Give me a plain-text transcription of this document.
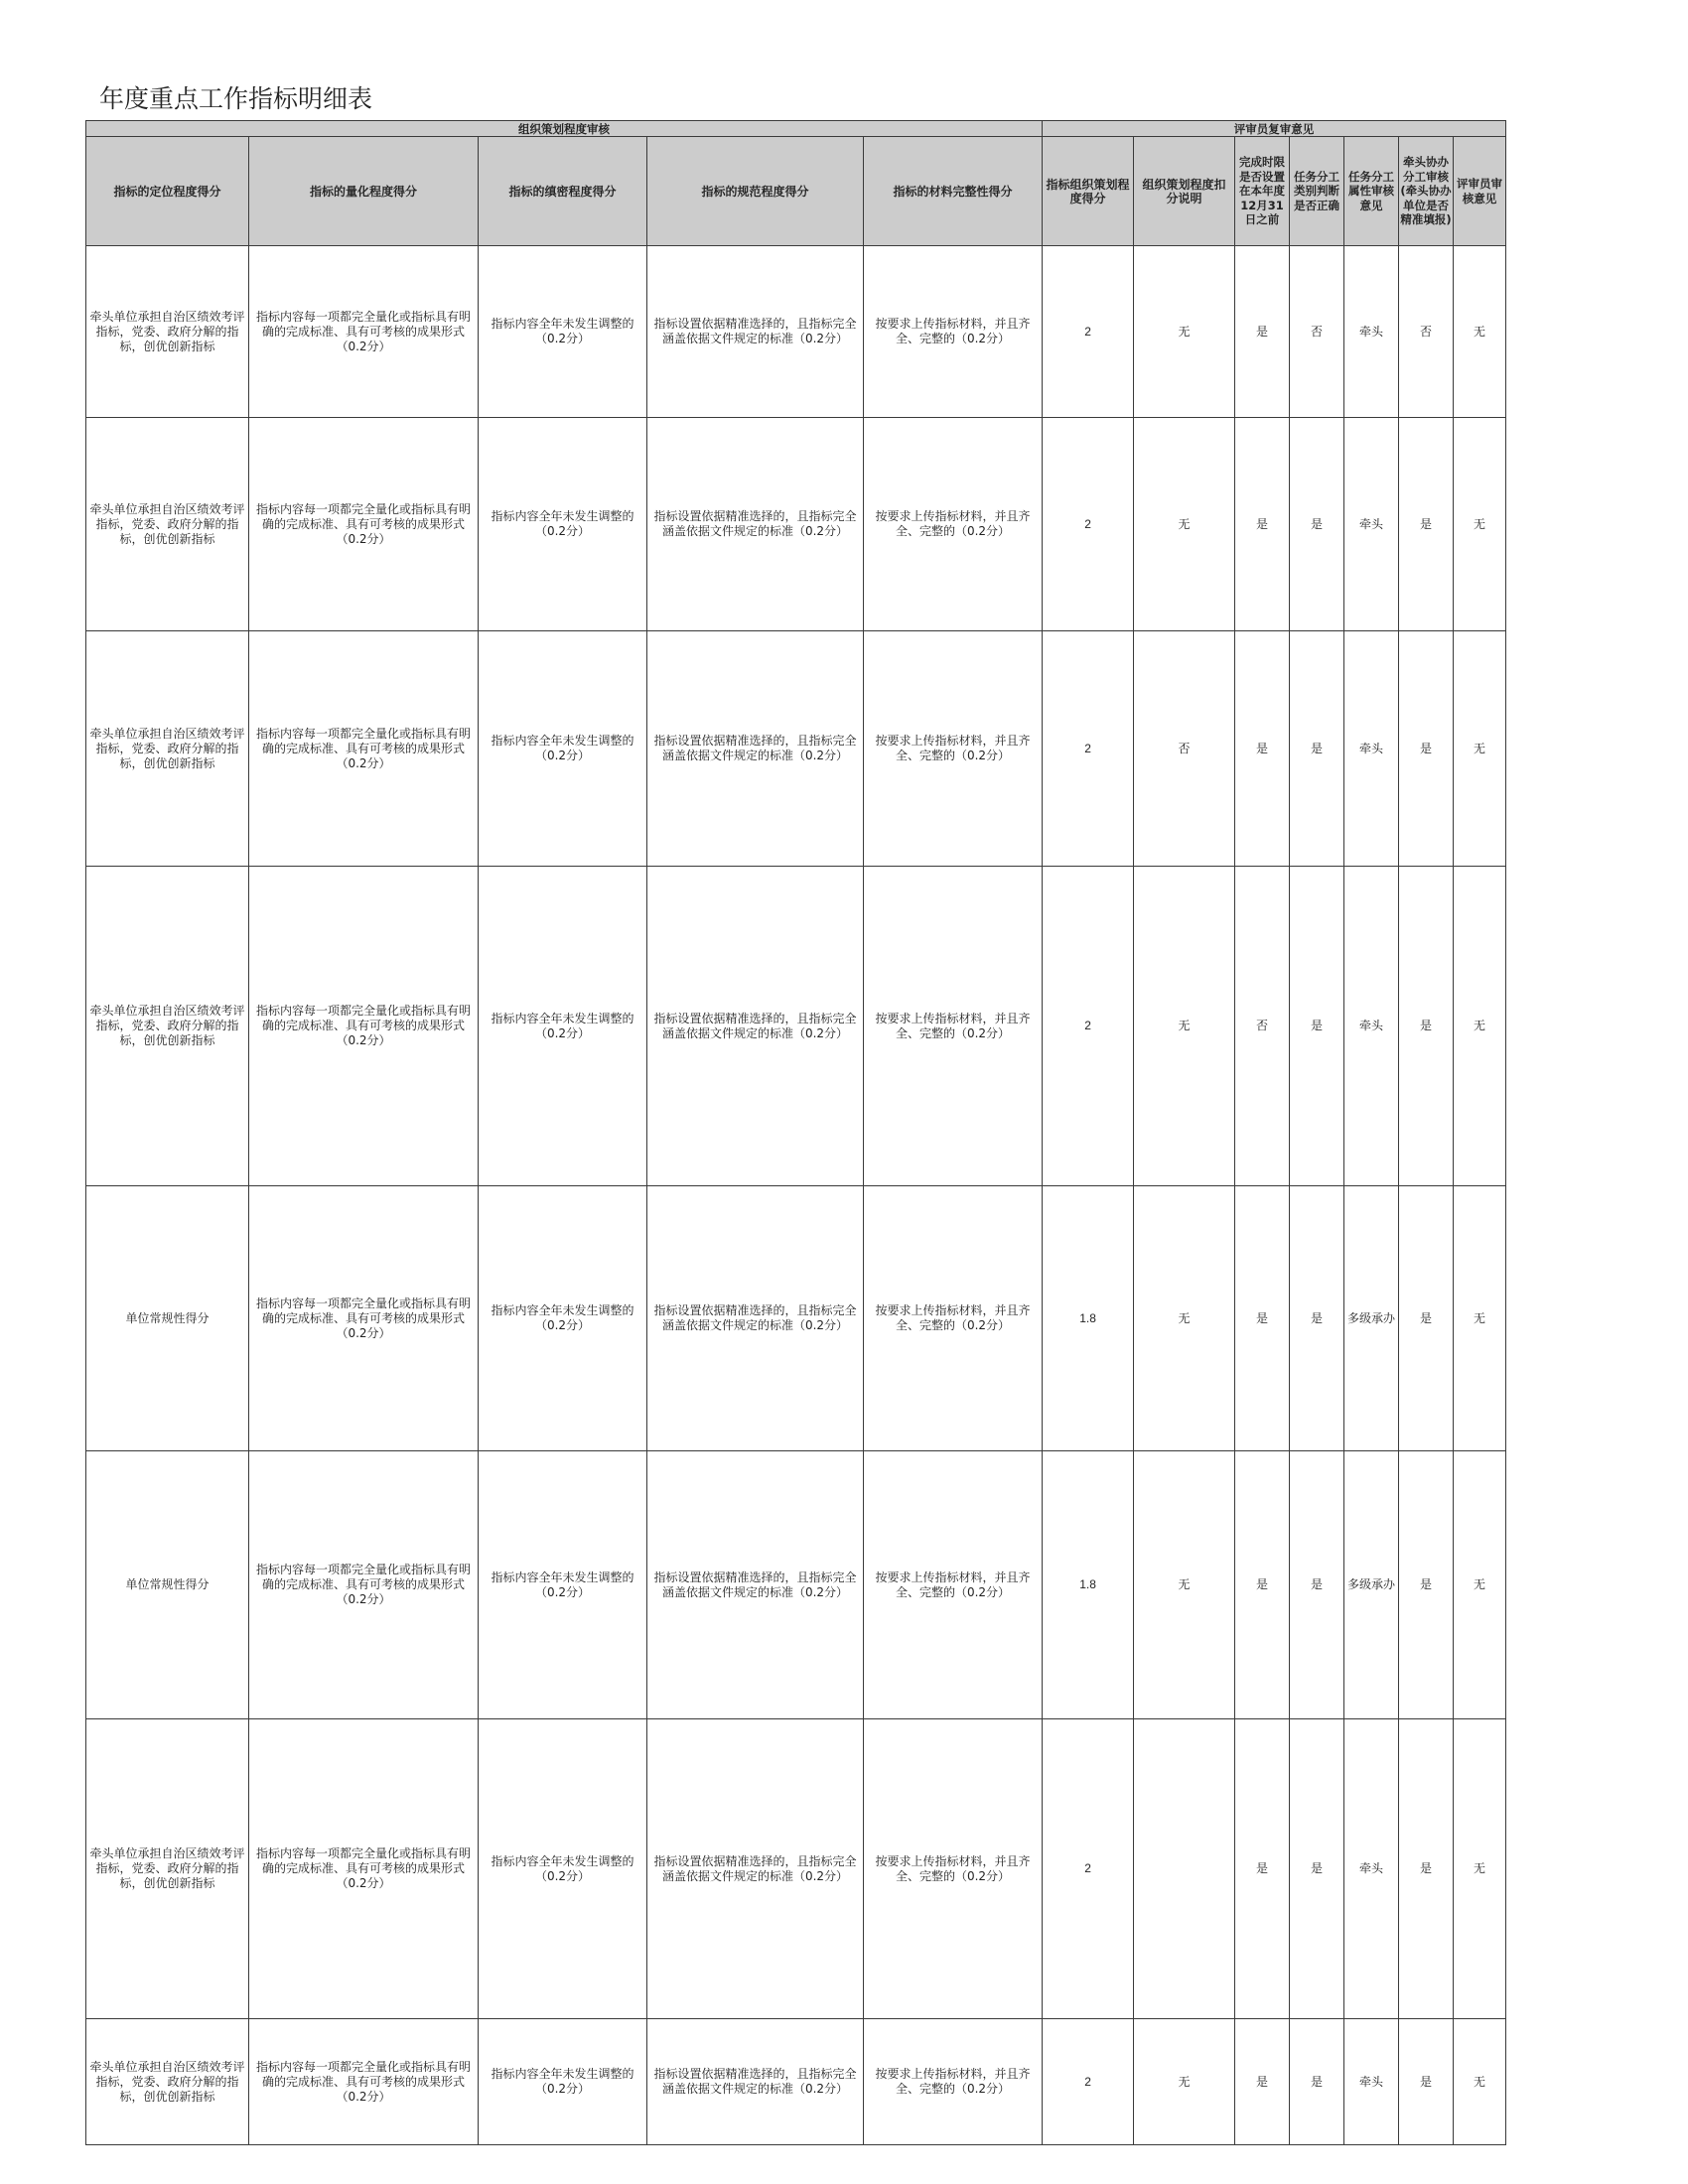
年度重点工作指标明细表
组织策划程度审核					评审员复审意见						
指标的定位程度得分	指标的量化程度得分	指标的缜密程度得分	指标的规范程度得分	指标的材料完整性得分	指标组织策划程度得分	组织策划程度扣分说明	完成时限是否设置在本年度12月31日之前	任务分工类别判断是否正确	任务分工属性审核意见	牵头协办分工审核(牵头协办单位是否精准填报)	评审员审核意见
牵头单位承担自治区绩效考评指标，党委、政府分解的指标，创优创新指标	指标内容每一项都完全量化或指标具有明确的完成标准、具有可考核的成果形式（0.2分）	指标内容全年未发生调整的（0.2分）	指标设置依据精准选择的，且指标完全涵盖依据文件规定的标准（0.2分）	按要求上传指标材料，并且齐全、完整的（0.2分）	2	无	是	否	牵头	否	无
牵头单位承担自治区绩效考评指标，党委、政府分解的指标，创优创新指标	指标内容每一项都完全量化或指标具有明确的完成标准、具有可考核的成果形式（0.2分）	指标内容全年未发生调整的（0.2分）	指标设置依据精准选择的，且指标完全涵盖依据文件规定的标准（0.2分）	按要求上传指标材料，并且齐全、完整的（0.2分）	2	无	是	是	牵头	是	无
牵头单位承担自治区绩效考评指标，党委、政府分解的指标，创优创新指标	指标内容每一项都完全量化或指标具有明确的完成标准、具有可考核的成果形式（0.2分）	指标内容全年未发生调整的（0.2分）	指标设置依据精准选择的，且指标完全涵盖依据文件规定的标准（0.2分）	按要求上传指标材料，并且齐全、完整的（0.2分）	2	否	是	是	牵头	是	无
牵头单位承担自治区绩效考评指标，党委、政府分解的指标，创优创新指标	指标内容每一项都完全量化或指标具有明确的完成标准、具有可考核的成果形式（0.2分）	指标内容全年未发生调整的（0.2分）	指标设置依据精准选择的，且指标完全涵盖依据文件规定的标准（0.2分）	按要求上传指标材料，并且齐全、完整的（0.2分）	2	无	否	是	牵头	是	无
单位常规性得分	指标内容每一项都完全量化或指标具有明确的完成标准、具有可考核的成果形式（0.2分）	指标内容全年未发生调整的（0.2分）	指标设置依据精准选择的，且指标完全涵盖依据文件规定的标准（0.2分）	按要求上传指标材料，并且齐全、完整的（0.2分）	1.8	无	是	是	多级承办	是	无
单位常规性得分	指标内容每一项都完全量化或指标具有明确的完成标准、具有可考核的成果形式（0.2分）	指标内容全年未发生调整的（0.2分）	指标设置依据精准选择的，且指标完全涵盖依据文件规定的标准（0.2分）	按要求上传指标材料，并且齐全、完整的（0.2分）	1.8	无	是	是	多级承办	是	无
牵头单位承担自治区绩效考评指标，党委、政府分解的指标，创优创新指标	指标内容每一项都完全量化或指标具有明确的完成标准、具有可考核的成果形式（0.2分）	指标内容全年未发生调整的（0.2分）	指标设置依据精准选择的，且指标完全涵盖依据文件规定的标准（0.2分）	按要求上传指标材料，并且齐全、完整的（0.2分）	2		是	是	牵头	是	无
牵头单位承担自治区绩效考评指标，党委、政府分解的指标，创优创新指标	指标内容每一项都完全量化或指标具有明确的完成标准、具有可考核的成果形式（0.2分）	指标内容全年未发生调整的（0.2分）	指标设置依据精准选择的，且指标完全涵盖依据文件规定的标准（0.2分）	按要求上传指标材料，并且齐全、完整的（0.2分）	2	无	是	是	牵头	是	无
